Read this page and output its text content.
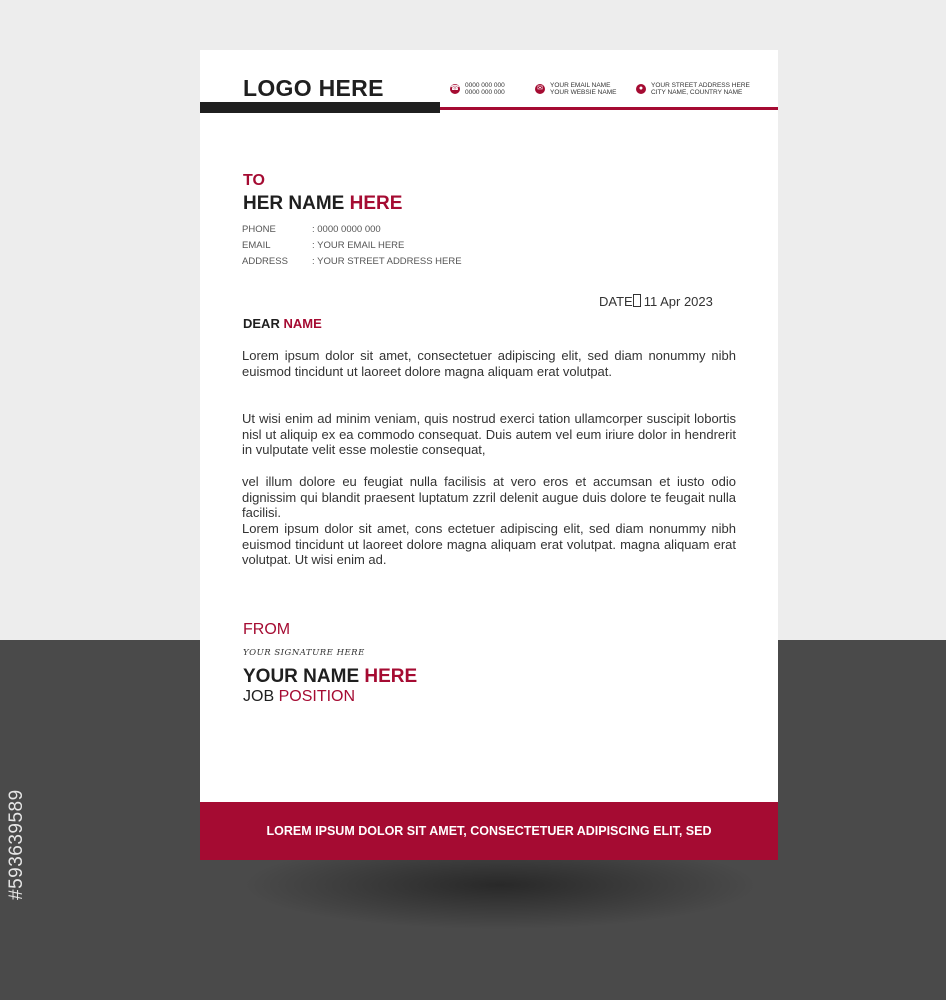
#593639589
LOGO HERE	☎ 0000 000 000
0000 000 000
✉	YOUR EMAIL NAME
YOUR WEBSIE NAME
●	YOUR STREET ADDRESS HERE
CITY NAME, COUNTRY NAME
TO
HER NAME HERE
PHONE	: 0000 0000 000
EMAIL	: YOUR EMAIL HERE
ADDRESS	: YOUR STREET ADDRESS HERE
DATE 11 Apr 2023
DEAR NAME

Lorem ipsum dolor sit amet, consectetuer adipiscing elit, sed diam nonummy nibh euismod tincidunt ut laoreet dolore magna aliquam erat volutpat.

Ut wisi enim ad minim veniam, quis nostrud exerci tation ullamcorper suscipit lobortis nisl ut aliquip ex ea commodo consequat. Duis autem vel eum iriure dolor in hendrerit in vulputate velit esse molestie consequat,

vel illum dolore eu feugiat nulla facilisis at vero eros et accumsan et iusto odio dignissim qui blandit praesent luptatum zzril delenit augue duis dolore te feugait nulla facilisi.

Lorem ipsum dolor sit amet, cons ectetuer adipiscing elit, sed diam nonummy nibh euismod tincidunt ut laoreet dolore magna aliquam erat volutpat. magna aliquam erat volutpat. Ut wisi enim ad.

FROM
YOUR SIGNATURE HERE
YOUR NAME HERE
JOB POSITION
LOREM IPSUM DOLOR SIT AMET, CONSECTETUER ADIPISCING ELIT, SED
